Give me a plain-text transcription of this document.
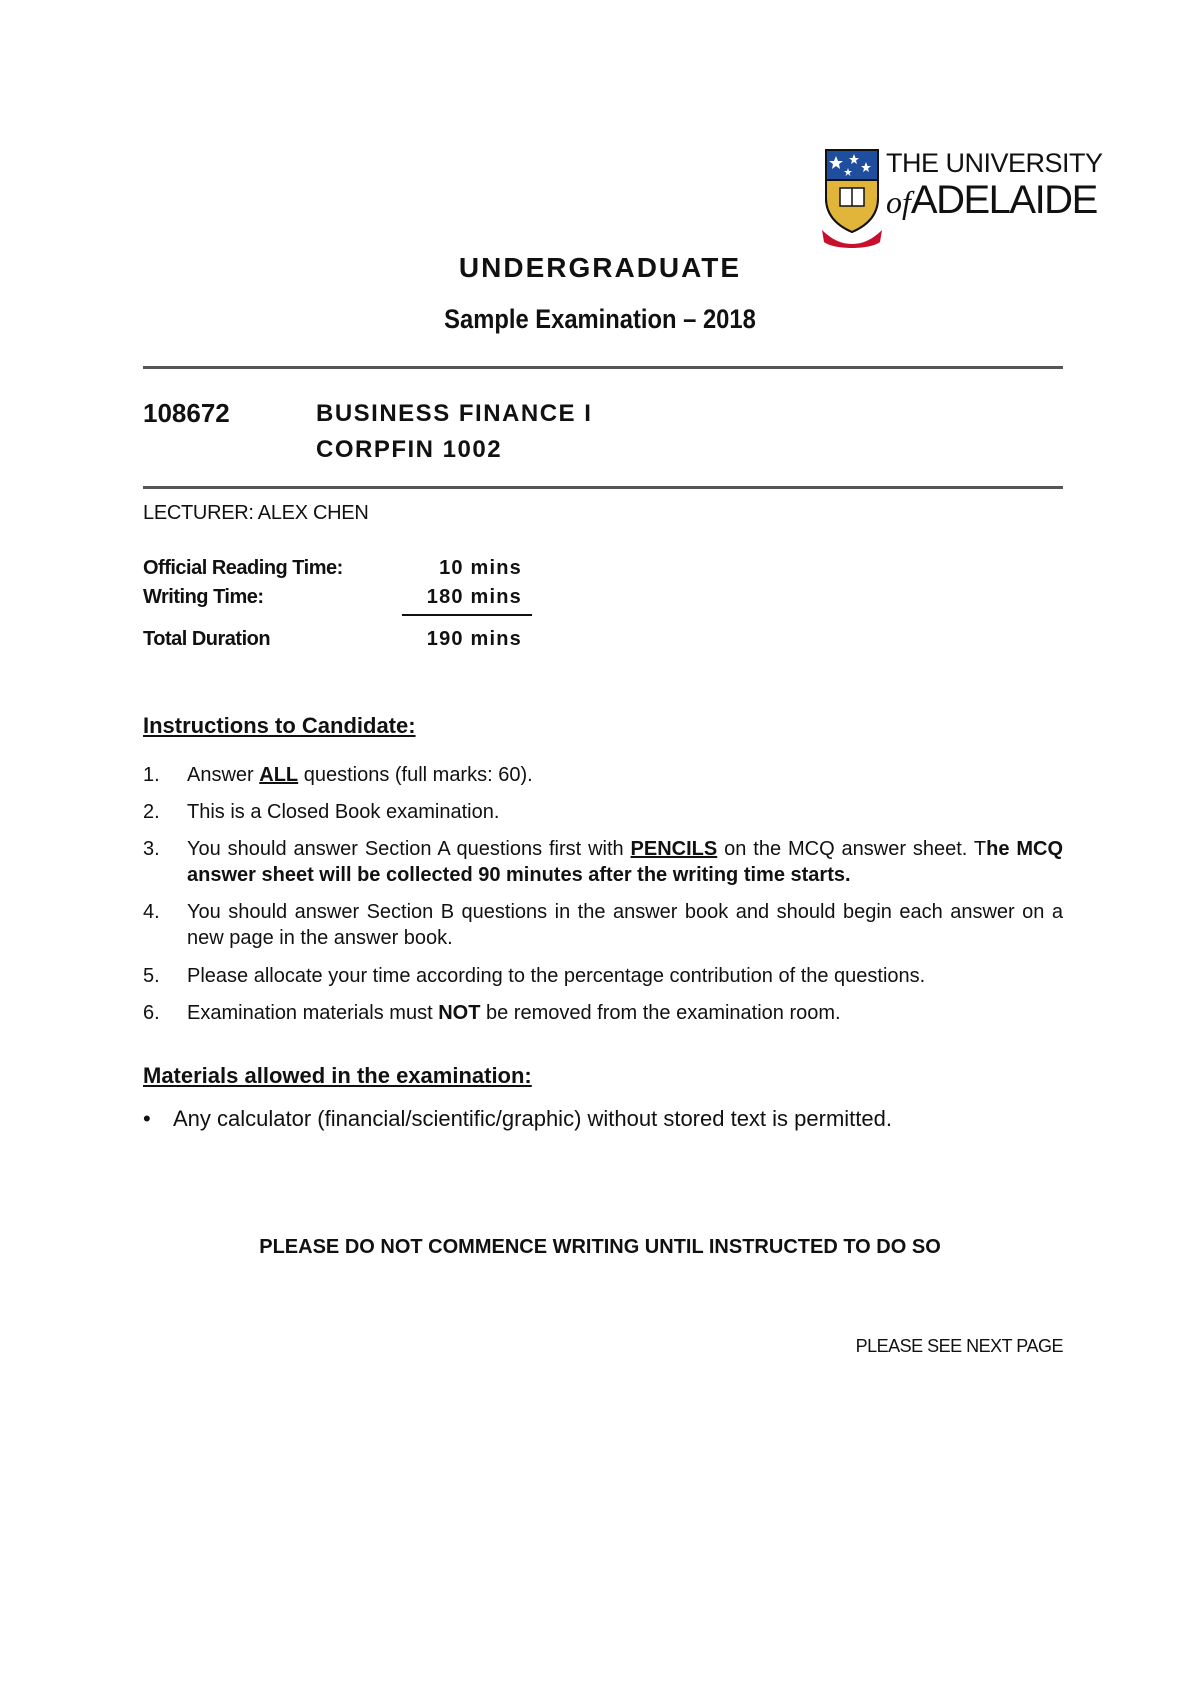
THE UNIVERSITY
ofADELAIDE
UNDERGRADUATE
Sample Examination – 2018
108672	BUSINESS FINANCE I
CORPFIN 1002
LECTURER: ALEX CHEN
Official Reading Time:	10 mins
Writing Time:	180 mins
Total Duration	190 mins
Instructions to Candidate:
1. Answer ALL questions (full marks: 60).
2. This is a Closed Book examination.
3. You should answer Section A questions first with PENCILS on the MCQ answer sheet. The MCQ answer sheet will be collected 90 minutes after the writing time starts.
4. You should answer Section B questions in the answer book and should begin each answer on a new page in the answer book.
5. Please allocate your time according to the percentage contribution of the questions.
6. Examination materials must NOT be removed from the examination room.
Materials allowed in the examination:
• Any calculator (financial/scientific/graphic) without stored text is permitted.
PLEASE DO NOT COMMENCE WRITING UNTIL INSTRUCTED TO DO SO
PLEASE SEE NEXT PAGE
